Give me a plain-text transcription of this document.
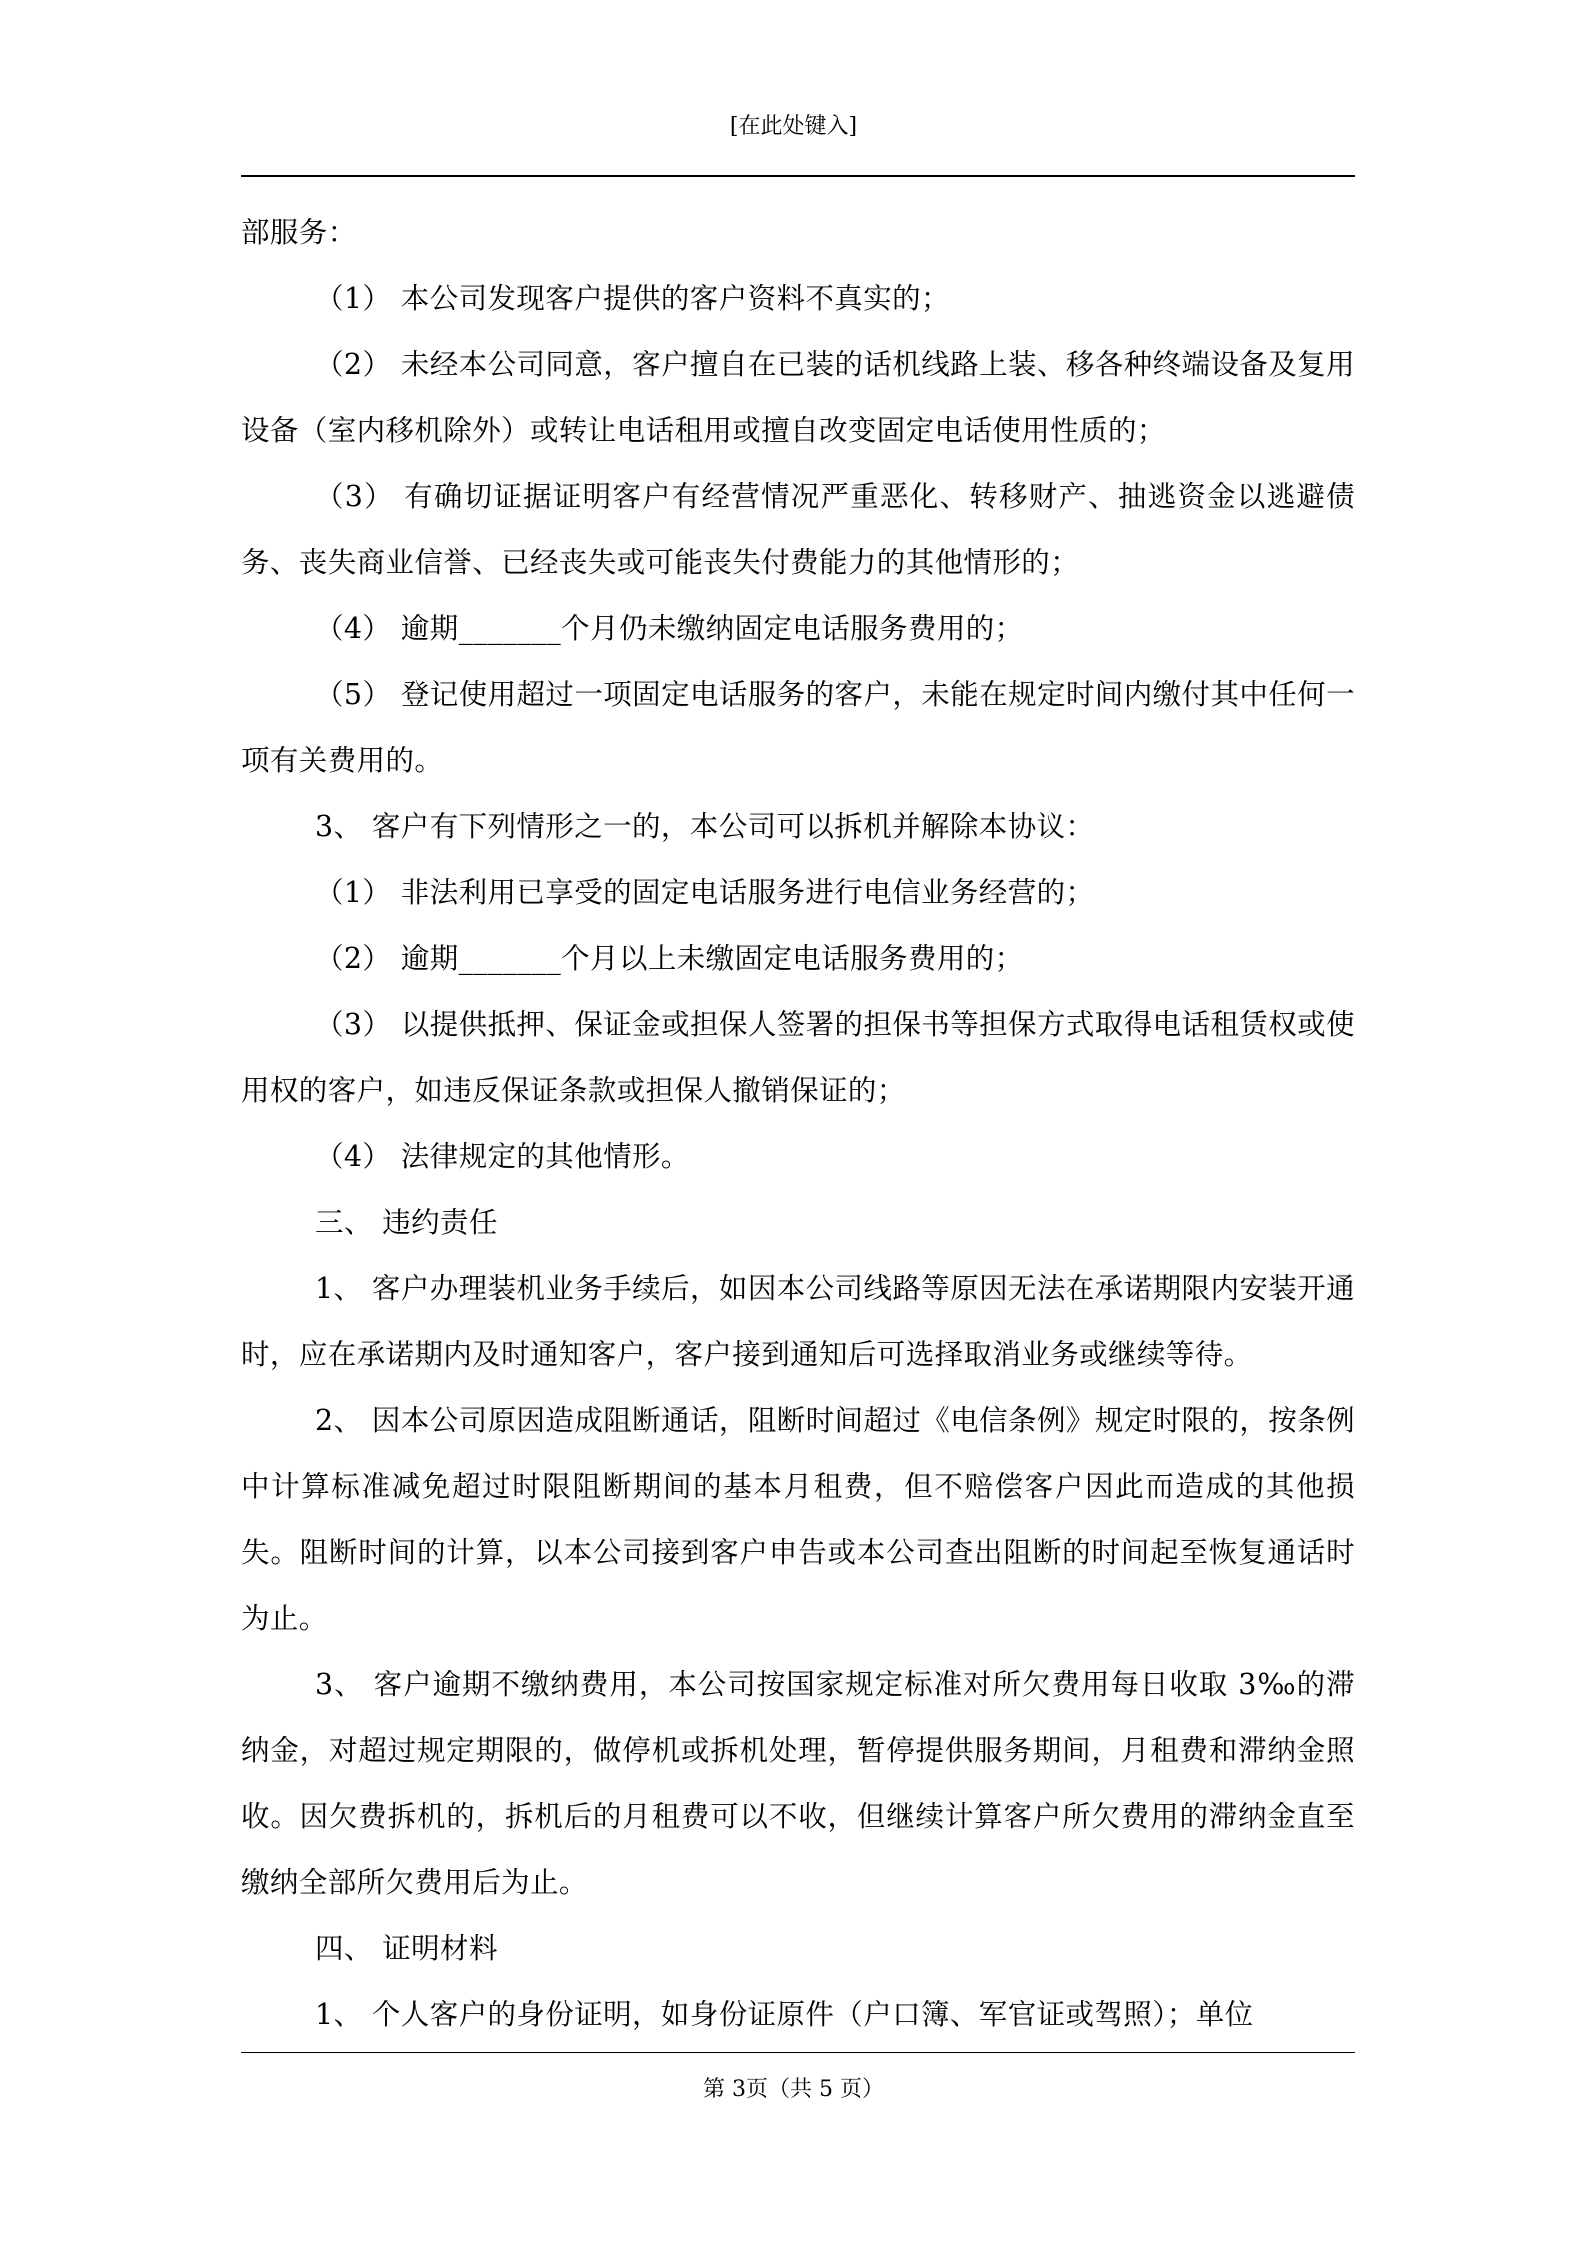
[在此处键入]

部服务：

（1） 本公司发现客户提供的客户资料不真实的；

（2） 未经本公司同意，客户擅自在已装的话机线路上装、移各种终端设备及复用设备（室内移机除外）或转让电话租用或擅自改变固定电话使用性质的；

（3） 有确切证据证明客户有经营情况严重恶化、转移财产、抽逃资金以逃避债务、丧失商业信誉、已经丧失或可能丧失付费能力的其他情形的；

（4） 逾期_______个月仍未缴纳固定电话服务费用的；

（5） 登记使用超过一项固定电话服务的客户，未能在规定时间内缴付其中任何一项有关费用的。

3、 客户有下列情形之一的，本公司可以拆机并解除本协议：

（1） 非法利用已享受的固定电话服务进行电信业务经营的；

（2） 逾期_______个月以上未缴固定电话服务费用的；

（3） 以提供抵押、保证金或担保人签署的担保书等担保方式取得电话租赁权或使用权的客户，如违反保证条款或担保人撤销保证的；

（4） 法律规定的其他情形。

三、 违约责任

1、 客户办理装机业务手续后，如因本公司线路等原因无法在承诺期限内安装开通时，应在承诺期内及时通知客户，客户接到通知后可选择取消业务或继续等待。

2、 因本公司原因造成阻断通话，阻断时间超过《电信条例》规定时限的，按条例中计算标准减免超过时限阻断期间的基本月租费，但不赔偿客户因此而造成的其他损失。阻断时间的计算，以本公司接到客户申告或本公司查出阻断的时间起至恢复通话时为止。

3、 客户逾期不缴纳费用，本公司按国家规定标准对所欠费用每日收取 3‰的滞纳金，对超过规定期限的，做停机或拆机处理，暂停提供服务期间，月租费和滞纳金照收。因欠费拆机的，拆机后的月租费可以不收，但继续计算客户所欠费用的滞纳金直至缴纳全部所欠费用后为止。

四、 证明材料

1、 个人客户的身份证明，如身份证原件（户口簿、军官证或驾照）；单位

第 3页（共 5 页）
